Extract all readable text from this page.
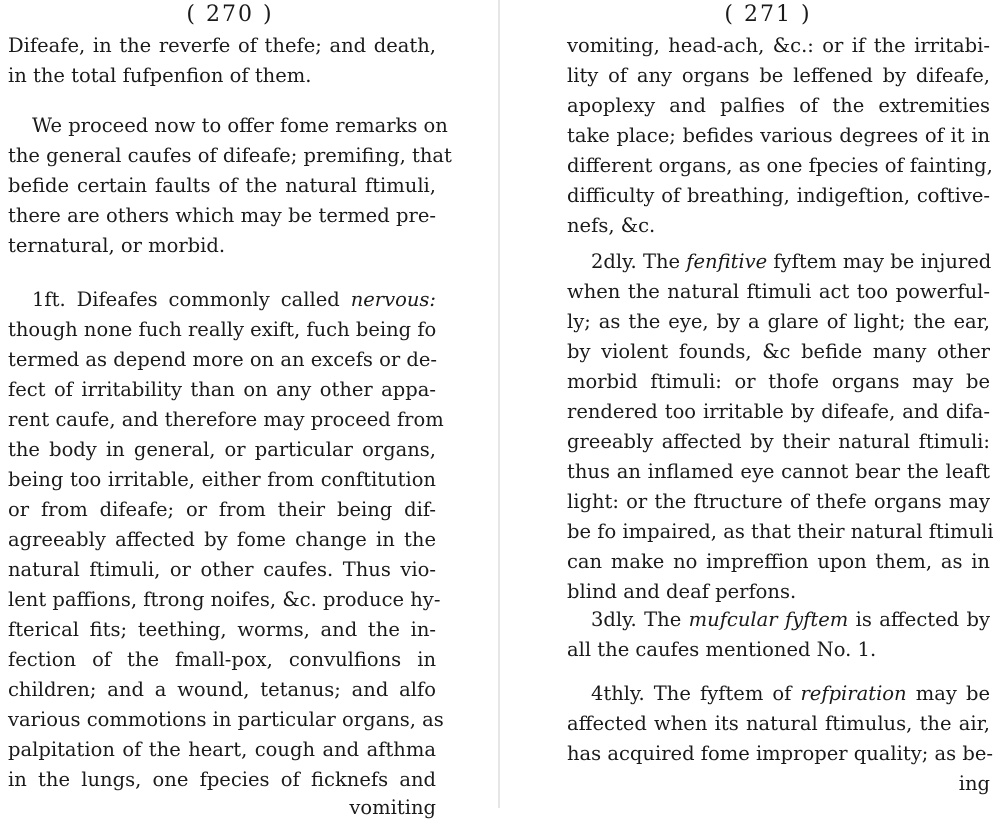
( 270 )
Difeafe, in the reverfe of thefe; and death,
in the total fufpenfion of them.
We proceed now to offer fome remarks on
the general caufes of difeafe; premifing, that
befide certain faults of the natural ftimuli,
there are others which may be termed pre-
ternatural, or morbid.
1ft. Difeafes commonly called nervous:
though none fuch really exift, fuch being fo
termed as depend more on an excefs or de-
fect of irritability than on any other appa-
rent caufe, and therefore may proceed from
the body in general, or particular organs,
being too irritable, either from conftitution
or from difeafe; or from their being dif-
agreeably affected by fome change in the
natural ftimuli, or other caufes. Thus vio-
lent paffions, ftrong noifes, &c. produce hy-
fterical fits; teething, worms, and the in-
fection of the fmall-pox, convulfions in
children; and a wound, tetanus; and alfo
various commotions in particular organs, as
palpitation of the heart, cough and afthma
in the lungs, one fpecies of ficknefs and
vomiting
( 271 )
vomiting, head-ach, &c.: or if the irritabi-
lity of any organs be leffened by difeafe,
apoplexy and palfies of the extremities
take place; befides various degrees of it in
different organs, as one fpecies of fainting,
difficulty of breathing, indigeftion, coftive-
nefs, &c.
2dly. The fenfitive fyftem may be injured
when the natural ftimuli act too powerful-
ly; as the eye, by a glare of light; the ear,
by violent founds, &c befide many other
morbid ftimuli: or thofe organs may be
rendered too irritable by difeafe, and difa-
greeably affected by their natural ftimuli:
thus an inflamed eye cannot bear the leaft
light: or the ftructure of thefe organs may
be fo impaired, as that their natural ftimuli
can make no impreffion upon them, as in
blind and deaf perfons.
3dly. The mufcular fyftem is affected by
all the caufes mentioned No. 1.
4thly. The fyftem of refpiration may be
affected when its natural ftimulus, the air,
has acquired fome improper quality; as be-
ing
